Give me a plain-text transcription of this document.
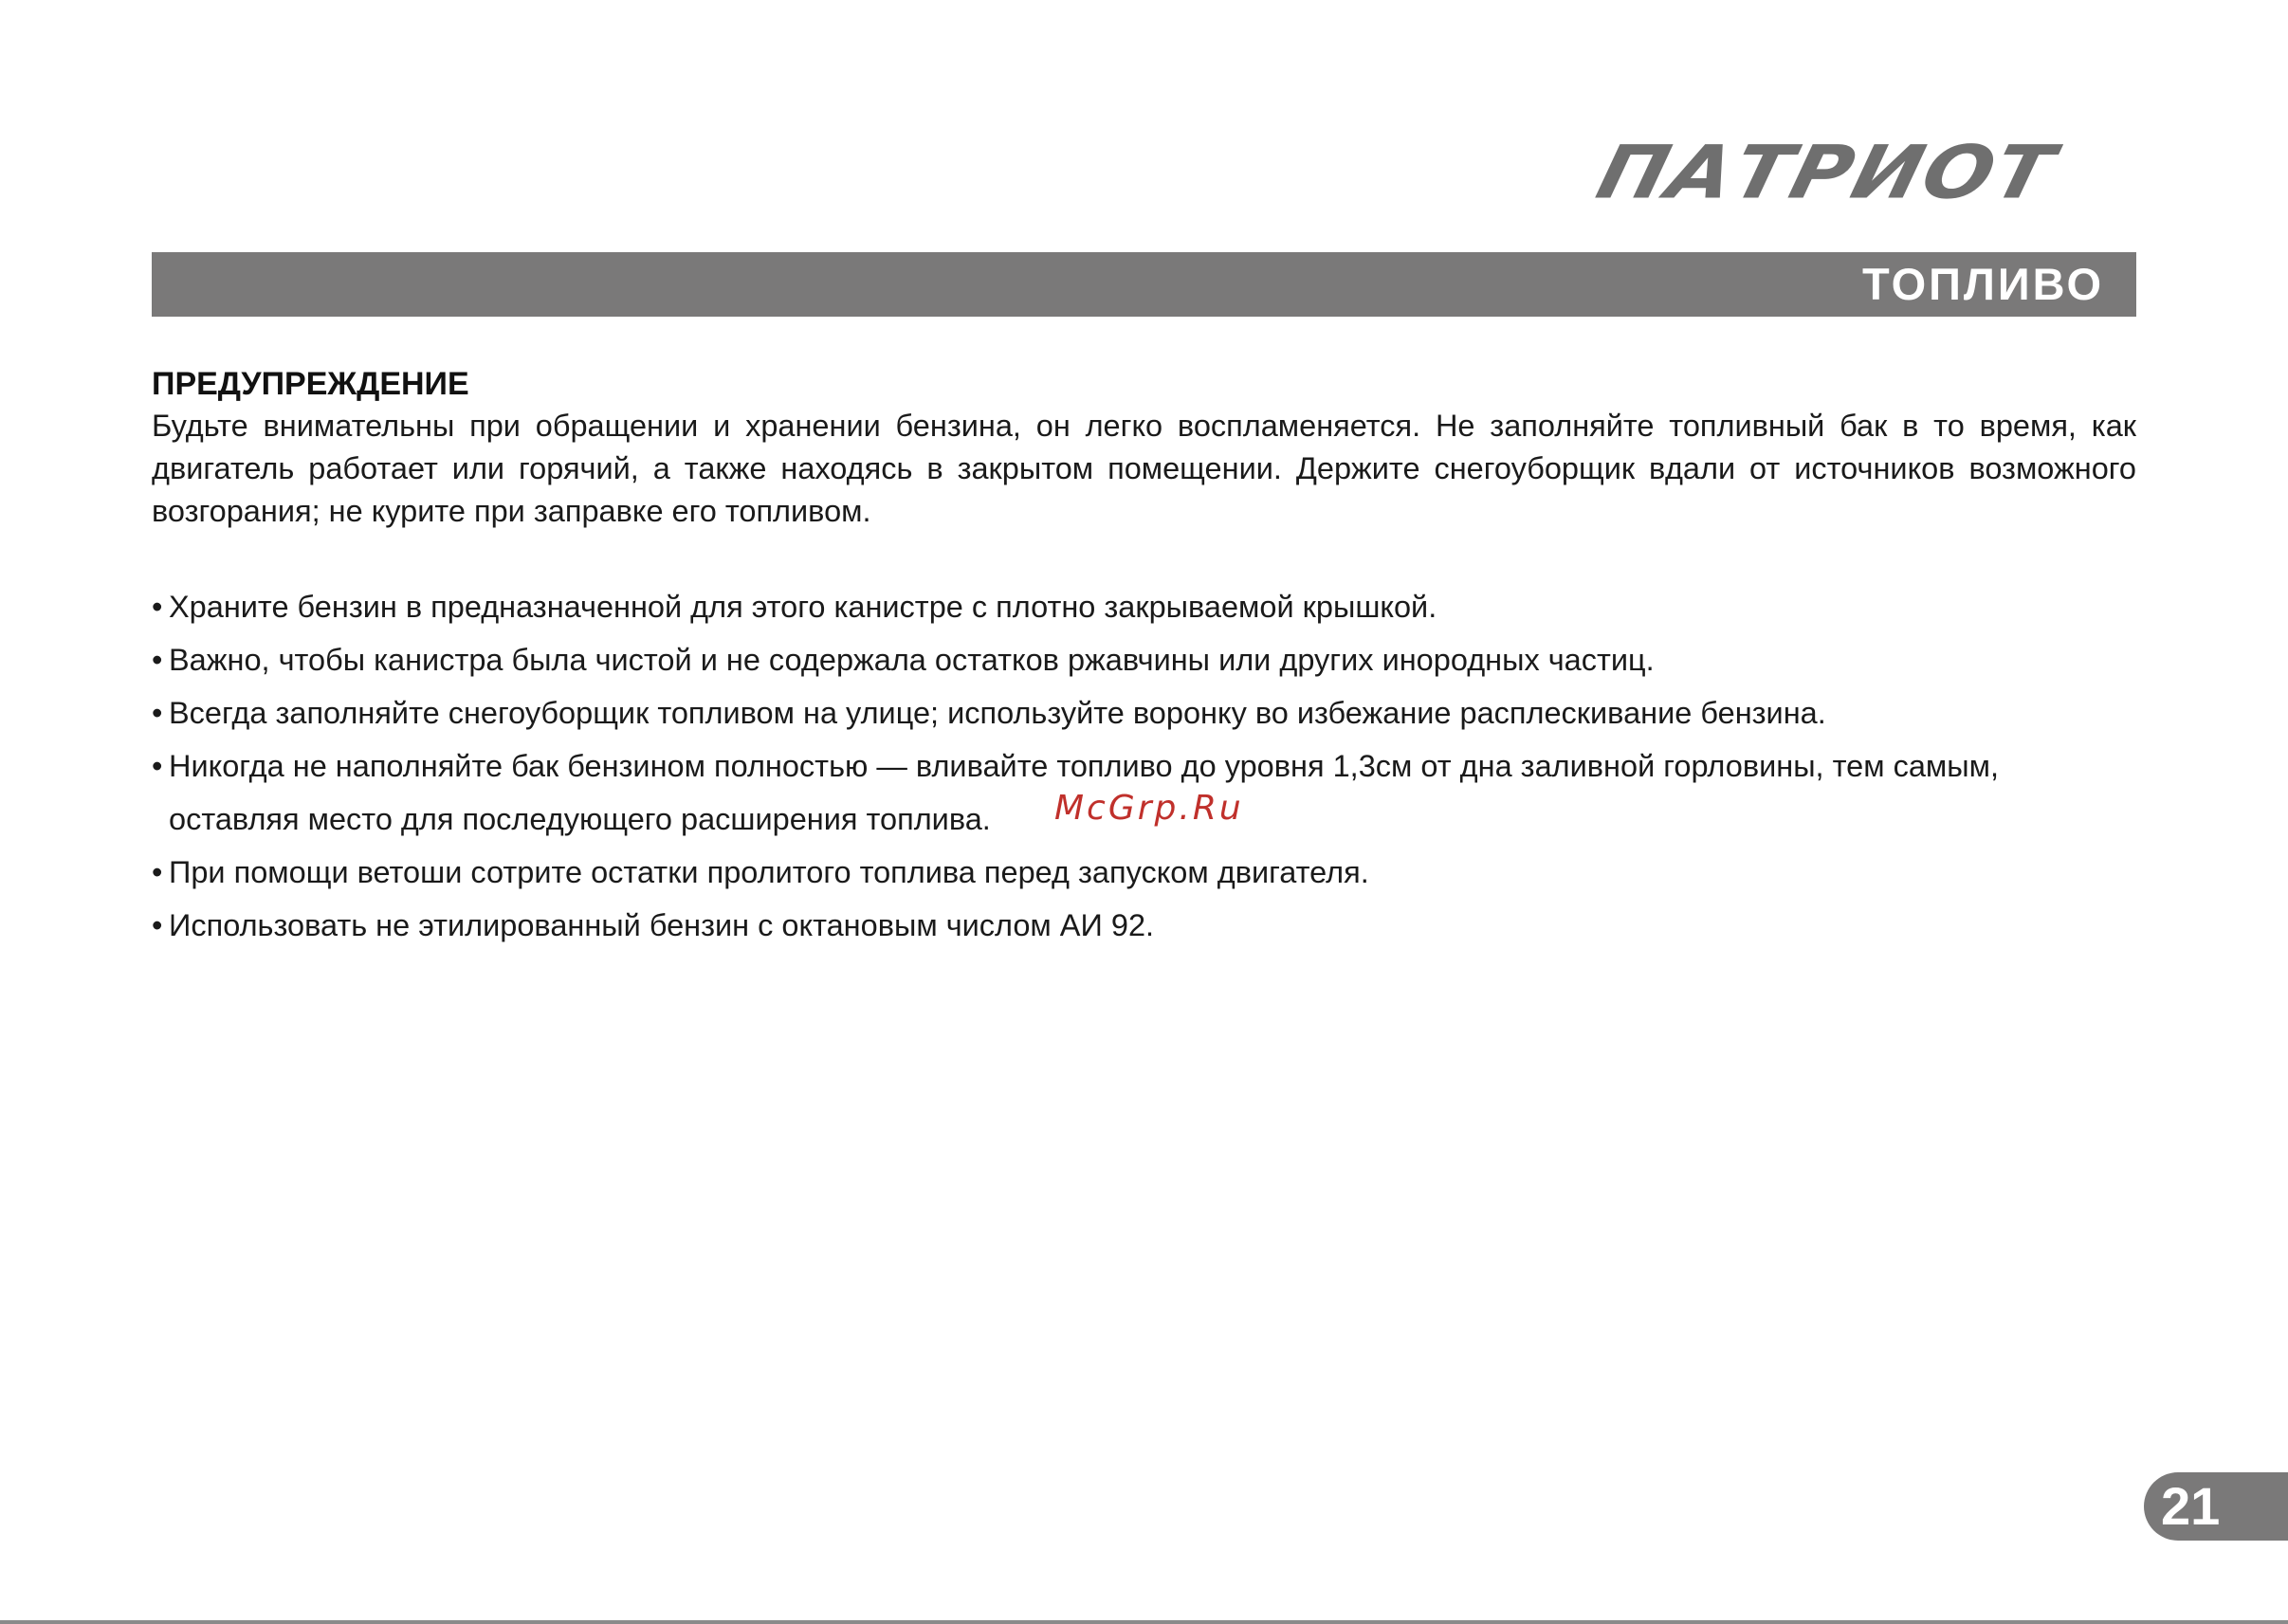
ПАТРИОТ
ТОПЛИВО
ПРЕДУПРЕЖДЕНИЕ
Будьте внимательны при обращении и хранении бензина, он легко воспламеняется. Не заполняйте топливный бак в то время, как двигатель работает или горячий, а также находясь в закрытом помещении. Держите снегоуборщик вдали от источников возможного возгорания; не курите при заправке его топливом.
• Храните бензин в предназначенной для этого канистре с плотно закрываемой крышкой.
• Важно, чтобы канистра была чистой и не содержала остатков ржавчины или других инородных частиц.
• Всегда заполняйте снегоуборщик топливом на улице; используйте воронку во избежание расплескивание бензина.
• Никогда не наполняйте бак бензином полностью — вливайте топливо до уровня 1,3см от дна заливной горловины, тем самым, оставляя место для последующего расширения топлива.
• При помощи ветоши сотрите остатки пролитого топлива перед запуском двигателя.
• Использовать не этилированный бензин с октановым числом АИ 92.
McGrp.Ru
21
